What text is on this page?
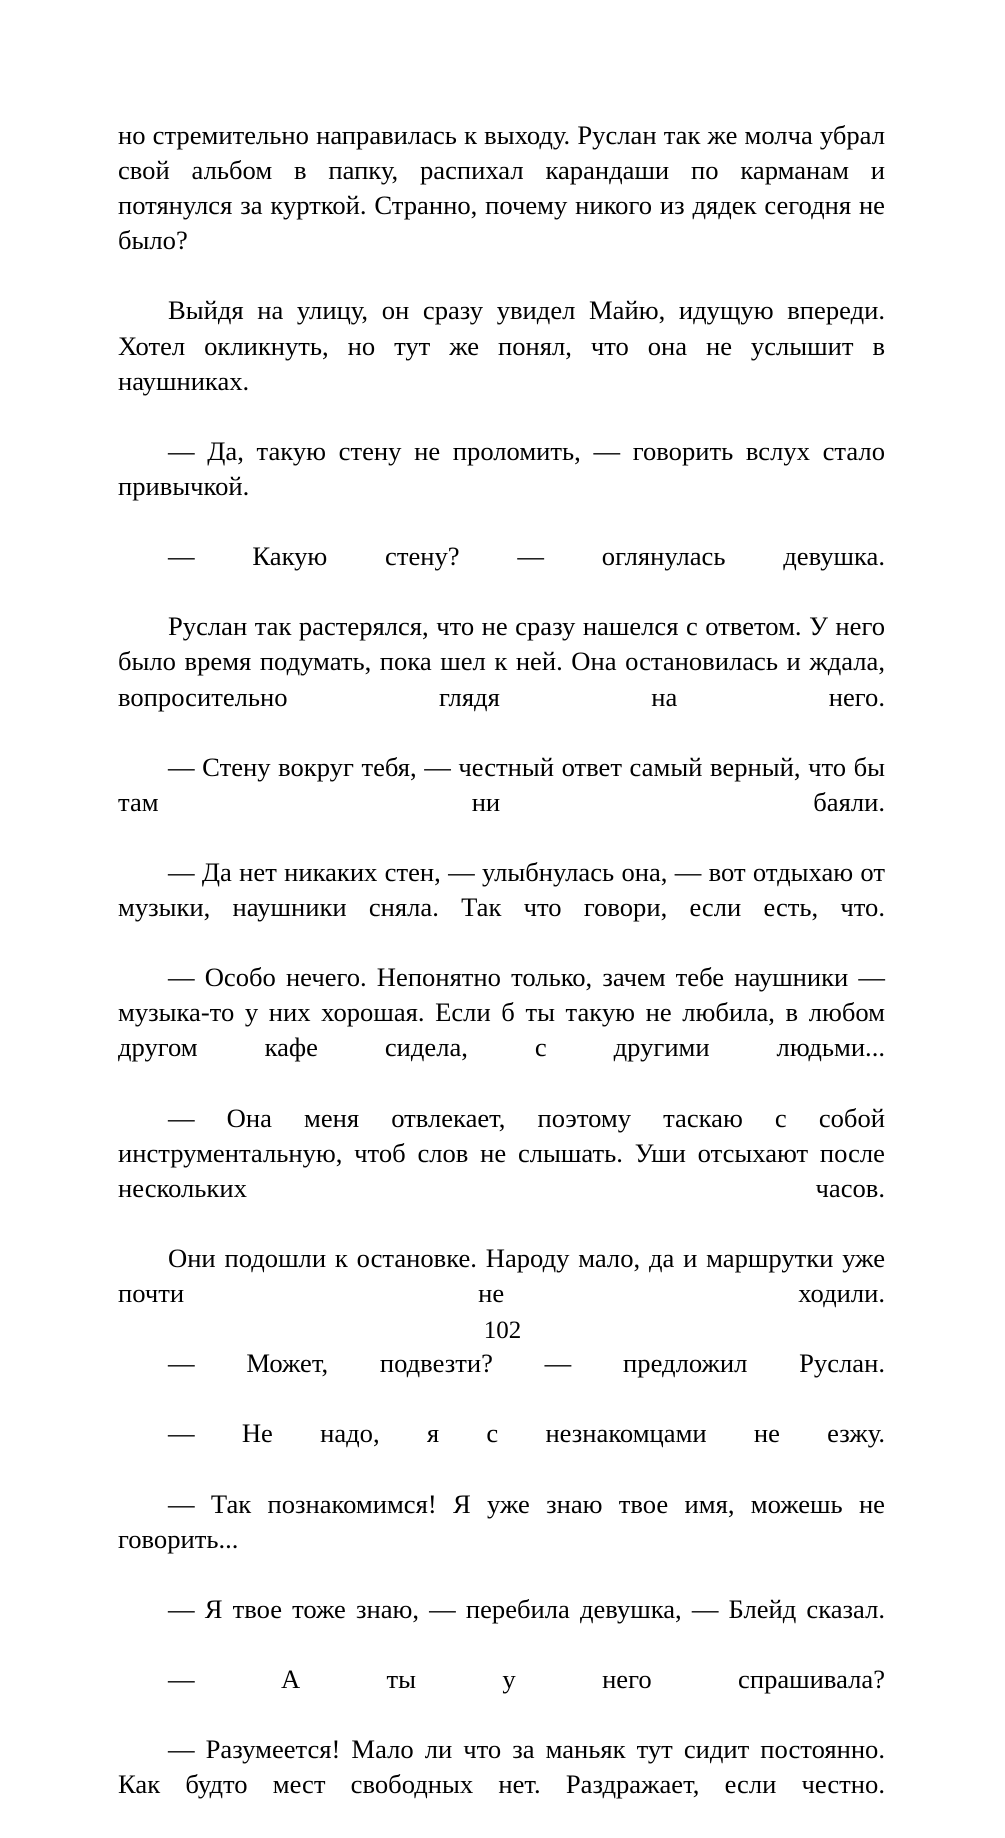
но стремительно направилась к выходу. Руслан так же молча убрал свой альбом в папку, распихал карандаши по карманам и потянулся за курткой. Странно, почему никого из дядек сегодня не было?

Выйдя на улицу, он сразу увидел Майю, идущую впереди. Хотел окликнуть, но тут же понял, что она не услышит в наушниках.

— Да, такую стену не проломить, — говорить вслух стало привычкой.

— Какую стену? — оглянулась девушка.

Руслан так растерялся, что не сразу нашелся с ответом. У него было время подумать, пока шел к ней. Она остановилась и ждала, вопросительно глядя на него.

— Стену вокруг тебя, — честный ответ самый верный, что бы там ни баяли.

— Да нет никаких стен, — улыбнулась она, — вот отдыхаю от музыки, наушники сняла. Так что говори, если есть, что.

— Особо нечего. Непонятно только, зачем тебе наушники — музыка-то у них хорошая. Если б ты такую не любила, в любом другом кафе сидела, с другими людьми...

— Она меня отвлекает, поэтому таскаю с собой инструментальную, чтоб слов не слышать. Уши отсыхают после нескольких часов.

Они подошли к остановке. Народу мало, да и маршрутки уже почти не ходили.

— Может, подвезти? — предложил Руслан.

— Не надо, я с незнакомцами не езжу.

— Так познакомимся! Я уже знаю твое имя, можешь не говорить...

— Я твое тоже знаю, — перебила девушка, — Блейд сказал.

— А ты у него спрашивала?

— Разумеется! Мало ли что за маньяк тут сидит постоянно. Как будто мест свободных нет. Раздражает, если честно.

102
